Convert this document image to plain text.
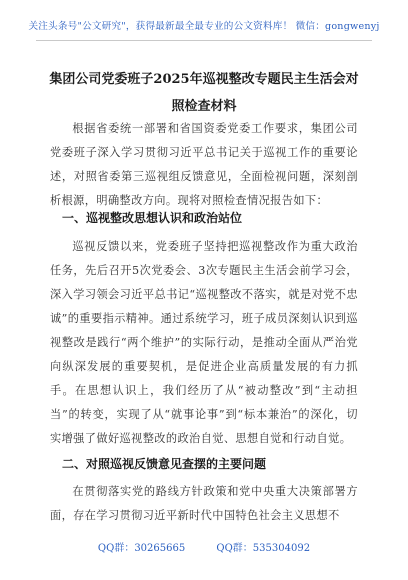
关注头条号"公文研究"，获得最新最全最专业的公文资料库！ 微信：gongwenyj
集团公司党委班子2025年巡视整改专题民主生活会对照检查材料
根据省委统一部署和省国资委党委工作要求，集团公司党委班子深入学习贯彻习近平总书记关于巡视工作的重要论述，对照省委第三巡视组反馈意见，全面检视问题，深刻剖析根源，明确整改方向。现将对照检查情况报告如下：
一、巡视整改思想认识和政治站位
巡视反馈以来，党委班子坚持把巡视整改作为重大政治任务，先后召开5次党委会、3次专题民主生活会前学习会，深入学习领会习近平总书记“巡视整改不落实，就是对党不忠诚”的重要指示精神。通过系统学习，班子成员深刻认识到巡视整改是践行“两个维护”的实际行动，是推动全面从严治党向纵深发展的重要契机，是促进企业高质量发展的有力抓手。在思想认识上，我们经历了从“被动整改”到“主动担当”的转变，实现了从“就事论事”到“标本兼治”的深化，切实增强了做好巡视整改的政治自觉、思想自觉和行动自觉。
二、对照巡视反馈意见查摆的主要问题
在贯彻落实党的路线方针政策和党中央重大决策部署方面，存在学习贯彻习近平新时代中国特色社会主义思想不
QQ群：30265665	QQ群：535304092
